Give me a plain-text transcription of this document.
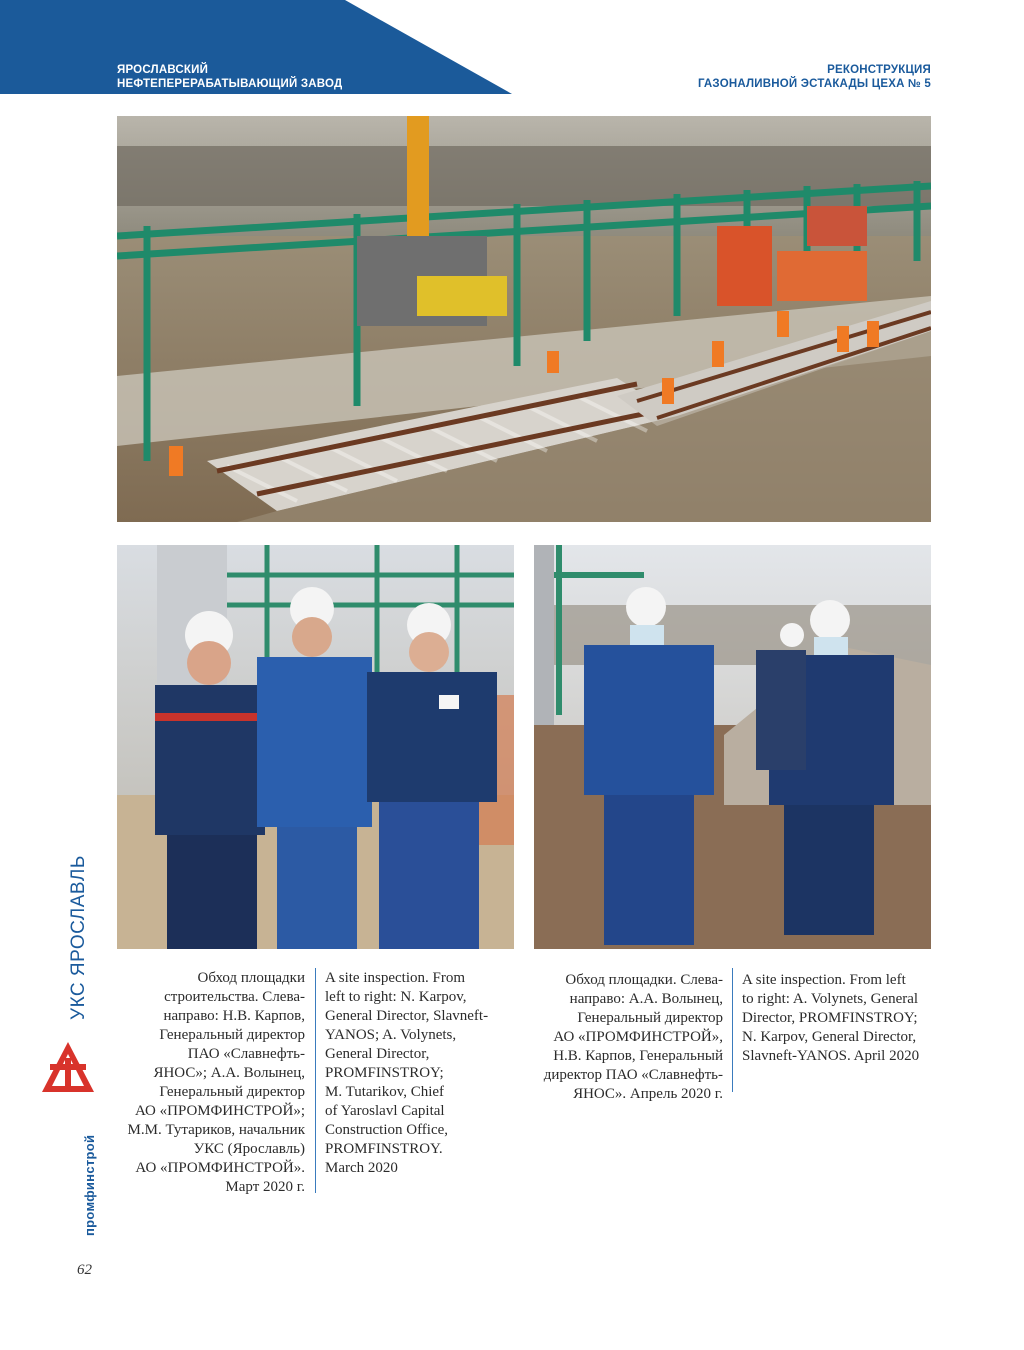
ЯРОСЛАВСКИЙ
НЕФТЕПЕРЕРАБАТЫВАЮЩИЙ ЗАВОД
РЕКОНСТРУКЦИЯ
ГАЗОНАЛИВНОЙ ЭСТАКАДЫ ЦЕХА № 5
Обход площадки
строительства. Слева-
направо: Н.В. Карпов,
Генеральный директор
ПАО «Славнефть-
ЯНОС»; А.А. Волынец,
Генеральный директор
АО «ПРОМФИНСТРОЙ»;
М.М. Тутариков, начальник
УКС (Ярославль)
АО «ПРОМФИНСТРОЙ».
Март 2020 г.
A site inspection. From
left to right: N. Karpov,
General Director, Slavneft-
YANOS; A. Volynets,
General Director,
PROMFINSTROY;
M. Tutarikov, Chief
of Yaroslavl Capital
Construction Office,
PROMFINSTROY.
March 2020
Обход площадки. Слева-
направо: А.А. Волынец,
Генеральный директор
АО «ПРОМФИНСТРОЙ»,
Н.В. Карпов, Генеральный
директор ПАО «Славнефть-
ЯНОС». Апрель 2020 г.
A site inspection. From left
to right: A. Volynets, General
Director, PROMFINSTROY;
N. Karpov, General Director,
Slavneft-YANOS. April 2020
УКС ЯРОСЛАВЛЬ
промфинстрой
62
